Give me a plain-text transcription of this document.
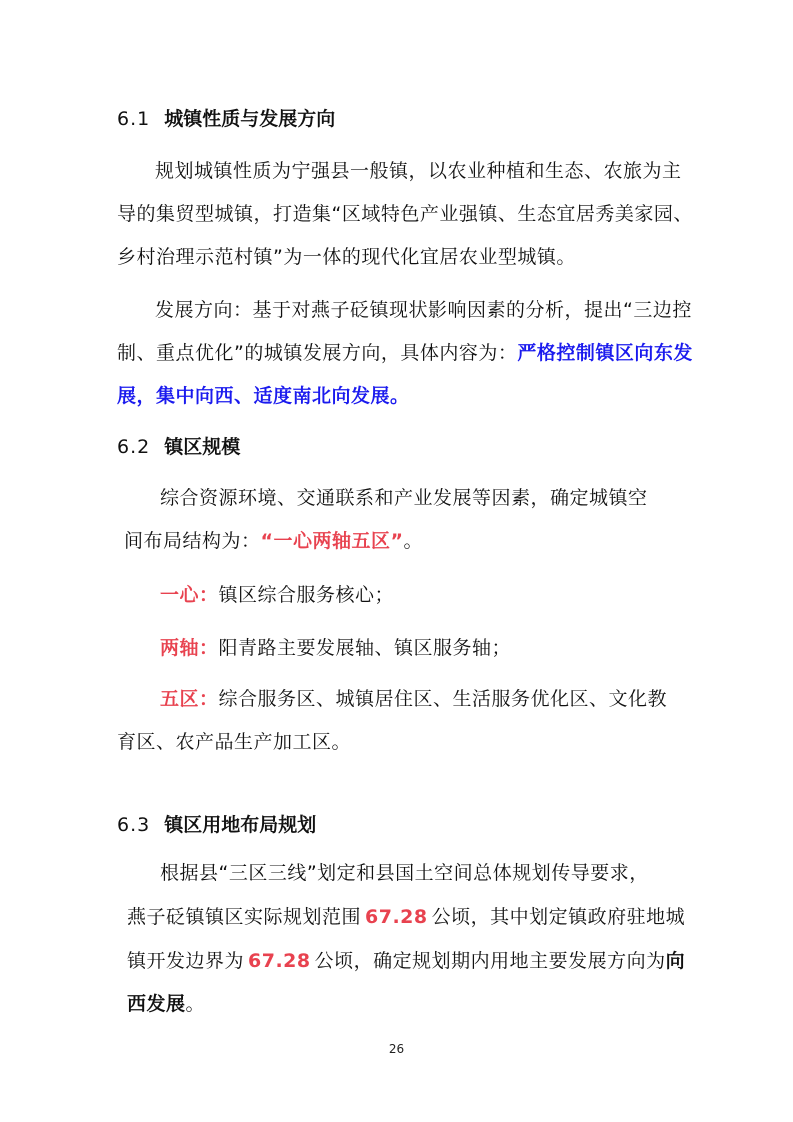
6.1 城镇性质与发展方向
规划城镇性质为宁强县一般镇，以农业种植和生态、农旅为主导的集贸型城镇，打造集“区域特色产业强镇、生态宜居秀美家园、乡村治理示范村镇”为一体的现代化宜居农业型城镇。
发展方向：基于对燕子砭镇现状影响因素的分析，提出“三边控制、重点优化”的城镇发展方向，具体内容为：严格控制镇区向东发展，集中向西、适度南北向发展。
6.2 镇区规模
综合资源环境、交通联系和产业发展等因素，确定城镇空
间布局结构为：“一心两轴五区”。
一心：镇区综合服务核心；
两轴：阳青路主要发展轴、镇区服务轴；
五区：综合服务区、城镇居住区、生活服务优化区、文化教
育区、农产品生产加工区。
6.3 镇区用地布局规划
根据县“三区三线”划定和县国土空间总体规划传导要求，
燕子砭镇镇区实际规划范围 67.28 公顷，其中划定镇政府驻地城
镇开发边界为 67.28 公顷，确定规划期内用地主要发展方向为向
西发展。
26
